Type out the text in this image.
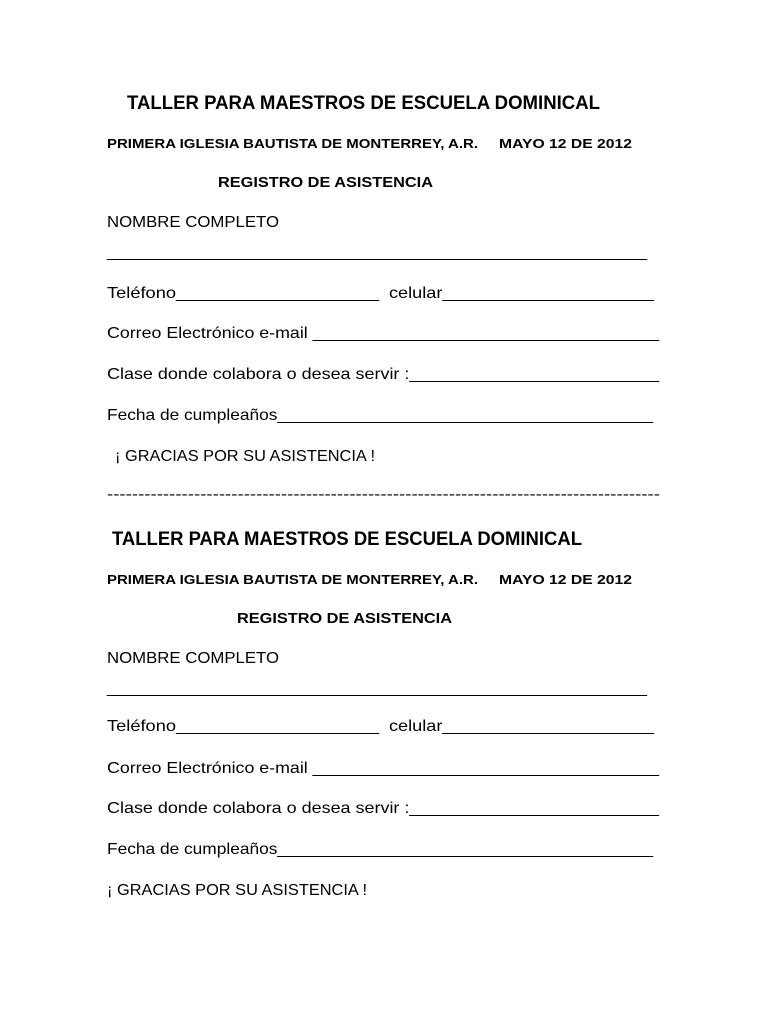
TALLER PARA MAESTROS DE ESCUELA DOMINICAL
PRIMERA IGLESIA BAUTISTA DE MONTERREY, A.R. MAYO 12 DE 2012
REGISTRO DE ASISTENCIA
NOMBRE COMPLETO
________________________________________________________
Teléfono____________________ celular_____________________
Correo Electrónico e-mail ___________________________________
Clase donde colabora o desea servir :_________________________
Fecha de cumpleaños_______________________________________
¡ GRACIAS POR SU ASISTENCIA !
-----------------------------------------------------------------------------------------
TALLER PARA MAESTROS DE ESCUELA DOMINICAL
PRIMERA IGLESIA BAUTISTA DE MONTERREY, A.R. MAYO 12 DE 2012
REGISTRO DE ASISTENCIA
NOMBRE COMPLETO
________________________________________________________
Teléfono____________________ celular_____________________
Correo Electrónico e-mail ___________________________________
Clase donde colabora o desea servir :_________________________
Fecha de cumpleaños_______________________________________
¡ GRACIAS POR SU ASISTENCIA !
